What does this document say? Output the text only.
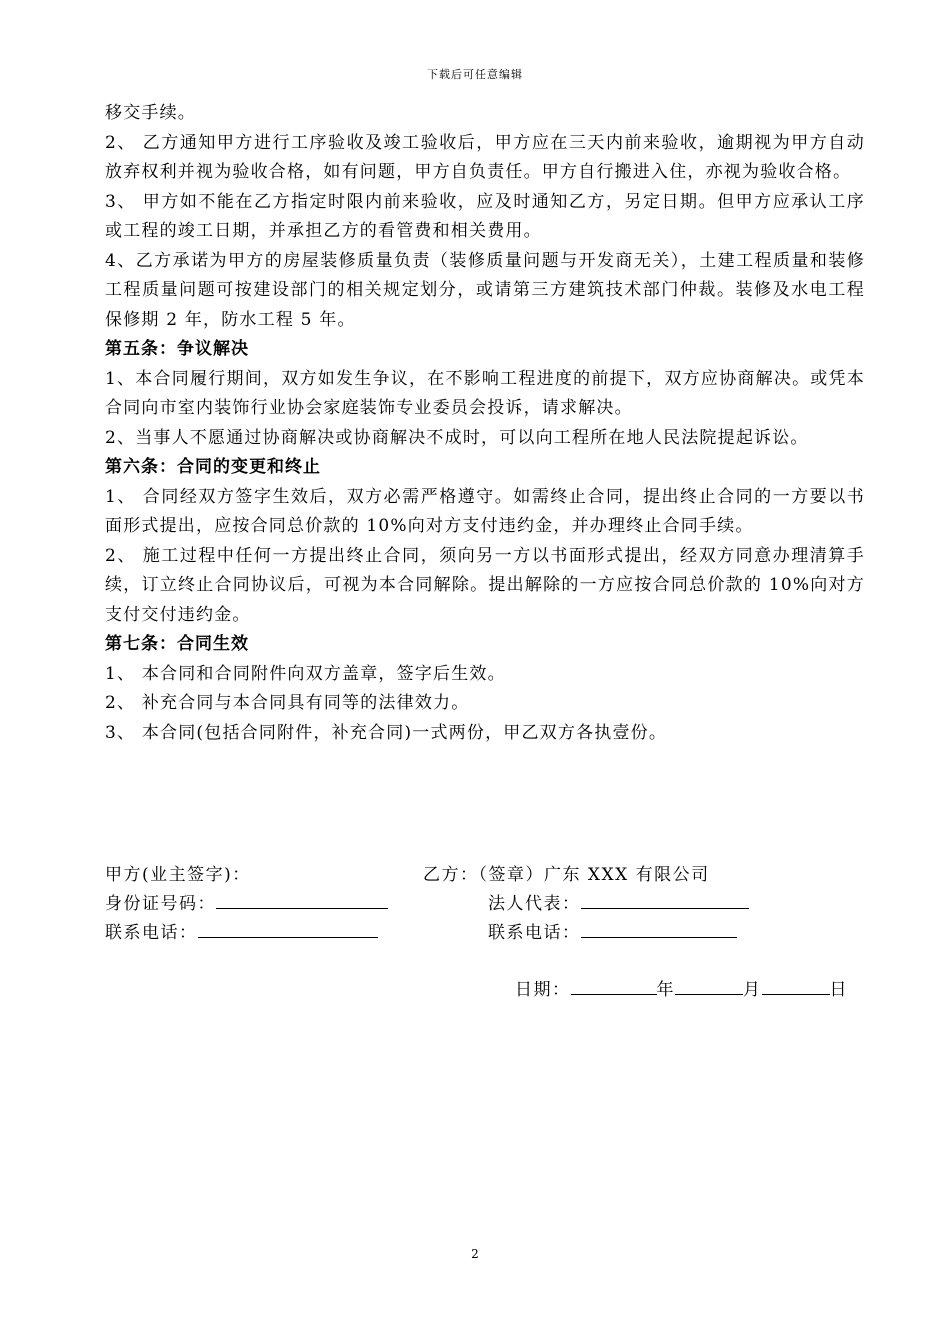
下载后可任意编辑

移交手续。

2、 乙方通知甲方进行工序验收及竣工验收后，甲方应在三天内前来验收，逾期视为甲方自动放弃权利并视为验收合格，如有问题，甲方自负责任。甲方自行搬进入住，亦视为验收合格。

3、 甲方如不能在乙方指定时限内前来验收，应及时通知乙方，另定日期。但甲方应承认工序或工程的竣工日期，并承担乙方的看管费和相关费用。

4、乙方承诺为甲方的房屋装修质量负责（装修质量问题与开发商无关），土建工程质量和装修工程质量问题可按建设部门的相关规定划分，或请第三方建筑技术部门仲裁。装修及水电工程保修期 2 年，防水工程 5 年。

第五条：争议解决

1、本合同履行期间，双方如发生争议，在不影响工程进度的前提下，双方应协商解决。或凭本合同向市室内装饰行业协会家庭装饰专业委员会投诉，请求解决。

2、当事人不愿通过协商解决或协商解决不成时，可以向工程所在地人民法院提起诉讼。

第六条：合同的变更和终止

1、 合同经双方签字生效后，双方必需严格遵守。如需终止合同，提出终止合同的一方要以书面形式提出，应按合同总价款的 10%向对方支付违约金，并办理终止合同手续。

2、 施工过程中任何一方提出终止合同，须向另一方以书面形式提出，经双方同意办理清算手续，订立终止合同协议后，可视为本合同解除。提出解除的一方应按合同总价款的 10%向对方支付交付违约金。

第七条：合同生效

1、 本合同和合同附件向双方盖章，签字后生效。

2、 补充合同与本合同具有同等的法律效力。

3、 本合同(包括合同附件，补充合同)一式两份，甲乙双方各执壹份。

甲方(业主签字)：	乙方：（签章）广东 XXX 有限公司
身份证号码：	法人代表：
联系电话：	联系电话：
日期：	年	月	日
2
